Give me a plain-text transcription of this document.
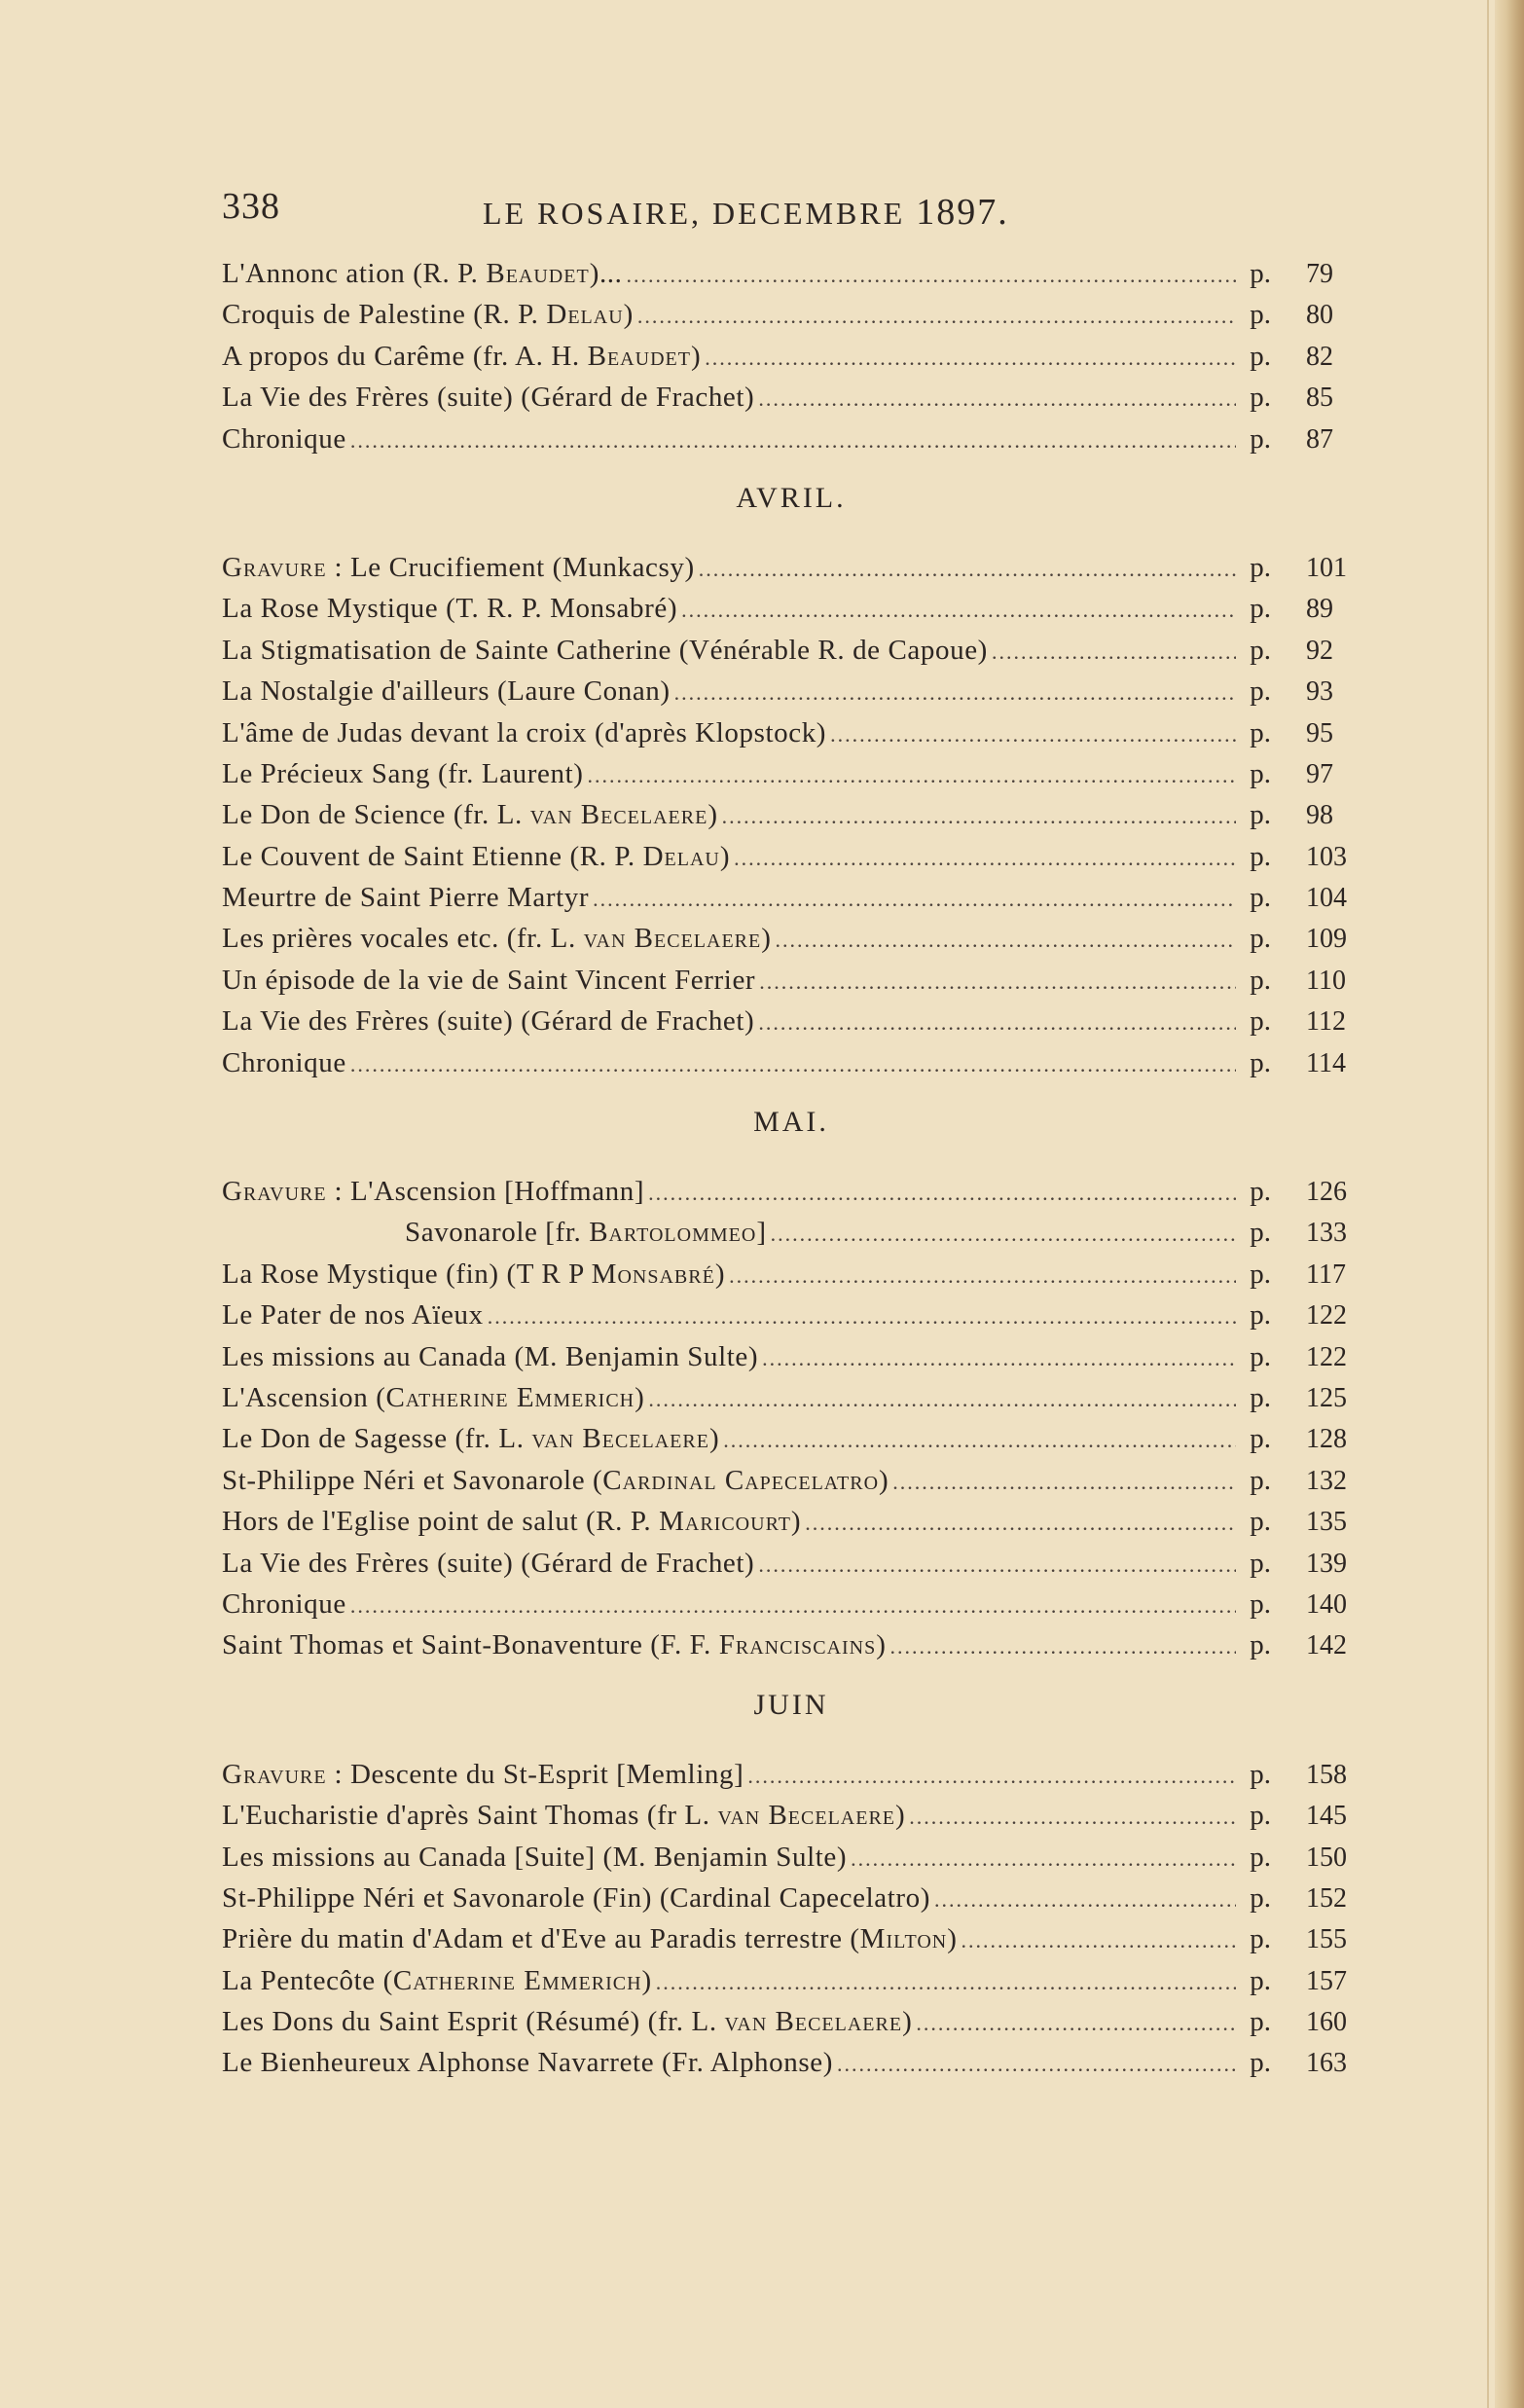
338	LE ROSAIRE, DECEMBRE 1897.
L'Annonc ation (R. P. Beaudet)... .....	p. 79
Croquis de Palestine (R. P. Delau) .....	p. 80
A propos du Carême (fr. A. H. Beaudet) .....	p. 82
La Vie des Frères (suite) (Gérard de Frachet) .....	p. 85
Chronique .....	p. 87
AVRIL.
Gravure : Le Crucifiement (Munkacsy) .....	p. 101
La Rose Mystique (T. R. P. Monsabré) .....	p. 89
La Stigmatisation de Sainte Catherine (Vénérable R. de Capoue) .....	p. 92
La Nostalgie d'ailleurs (Laure Conan) .....	p. 93
L'âme de Judas devant la croix (d'après Klopstock) .....	p. 95
Le Précieux Sang (fr. Laurent) .....	p. 97
Le Don de Science (fr. L. van Becelaere) .....	p. 98
Le Couvent de Saint Etienne (R. P. Delau) .....	p. 103
Meurtre de Saint Pierre Martyr .....	p. 104
Les prières vocales etc. (fr. L. van Becelaere) .....	p. 109
Un épisode de la vie de Saint Vincent Ferrier .....	p. 110
La Vie des Frères (suite) (Gérard de Frachet) .....	p. 112
Chronique .....	p. 114
MAI.
Gravure : L'Ascension [Hoffmann] .....	p. 126
Savonarole [fr. Bartolommeo] .....	p. 133
La Rose Mystique (fin) (T R P Monsabré) .....	p. 117
Le Pater de nos Aïeux .....	p. 122
Les missions au Canada (M. Benjamin Sulte) .....	p. 122
L'Ascension (Catherine Emmerich) .....	p. 125
Le Don de Sagesse (fr. L. van Becelaere) .....	p. 128
St-Philippe Néri et Savonarole (Cardinal Capecelatro) .....	p. 132
Hors de l'Eglise point de salut (R. P. Maricourt) .....	p. 135
La Vie des Frères (suite) (Gérard de Frachet) .....	p. 139
Chronique .....	p. 140
Saint Thomas et Saint-Bonaventure (F. F. Franciscains) .....	p. 142
JUIN
Gravure : Descente du St-Esprit [Memling] .....	p. 158
L'Eucharistie d'après Saint Thomas (fr L. van Becelaere) .....	p. 145
Les missions au Canada [Suite] (M. Benjamin Sulte) .....	p. 150
St-Philippe Néri et Savonarole (Fin) (Cardinal Capecelatro) .....	p. 152
Prière du matin d'Adam et d'Eve au Paradis terrestre (Milton) .....	p. 155
La Pentecôte (Catherine Emmerich) .....	p. 157
Les Dons du Saint Esprit (Résumé) (fr. L. van Becelaere) .....	p. 160
Le Bienheureux Alphonse Navarrete (Fr. Alphonse) .....	p. 163
